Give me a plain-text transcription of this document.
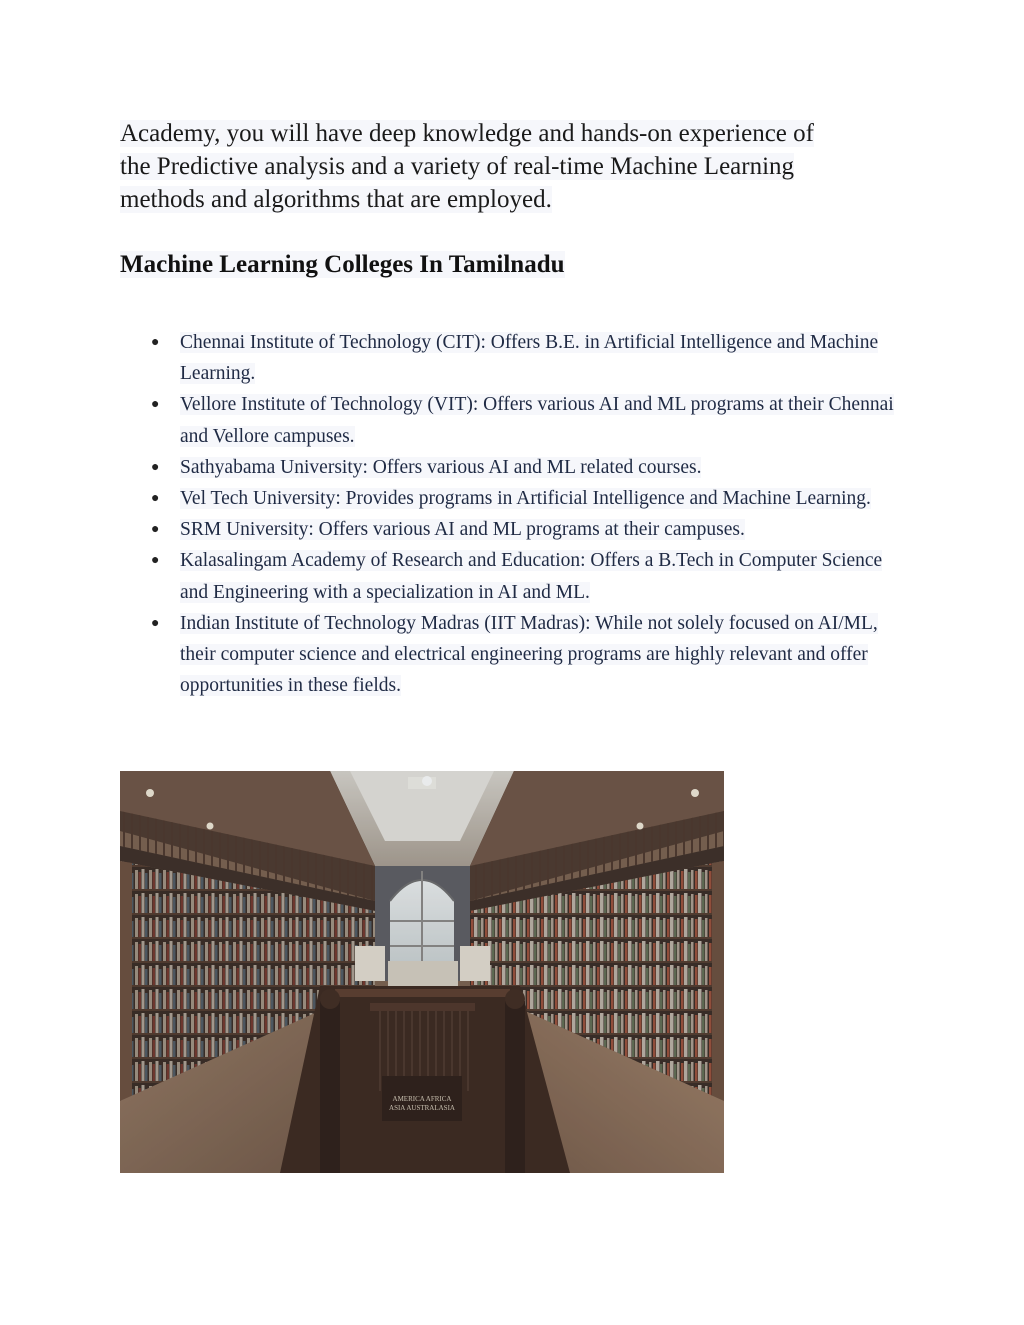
Academy, you will have deep knowledge and hands-on experience of
the Predictive analysis and a variety of real-time Machine Learning
methods and algorithms that are employed.

Machine Learning Colleges In Tamilnadu
● Chennai Institute of Technology (CIT): Offers B.E. in Artificial Intelligence and Machine Learning.
● Vellore Institute of Technology (VIT): Offers various AI and ML programs at their Chennai and Vellore campuses.
● Sathyabama University: Offers various AI and ML related courses.
● Vel Tech University: Provides programs in Artificial Intelligence and Machine Learning.
● SRM University: Offers various AI and ML programs at their campuses.
● Kalasalingam Academy of Research and Education: Offers a B.Tech in Computer Science and Engineering with a specialization in AI and ML.
● Indian Institute of Technology Madras (IIT Madras): While not solely focused on AI/ML, their computer science and electrical engineering programs are highly relevant and offer opportunities in these fields.
AMERICA AFRICA
ASIA AUSTRALASIA
